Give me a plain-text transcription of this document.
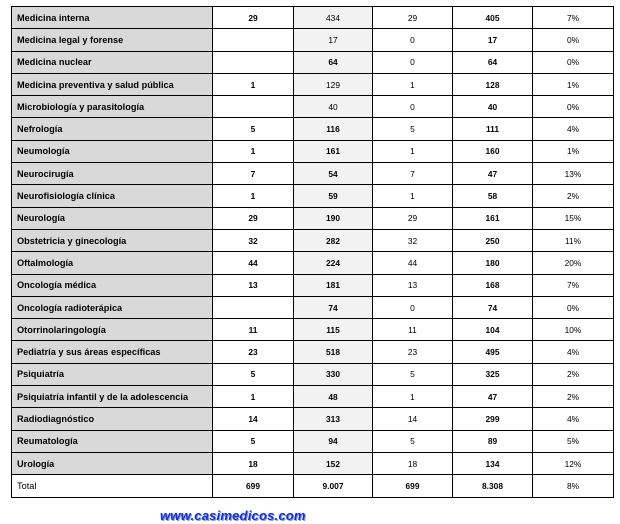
Medicina interna	29	434	29	405	7%
Medicina legal y forense		17	0	17	0%
Medicina nuclear		64	0	64	0%
Medicina preventiva y salud pública	1	129	1	128	1%
Microbiología y parasitología		40	0	40	0%
Nefrología	5	116	5	111	4%
Neumología	1	161	1	160	1%
Neurocirugía	7	54	7	47	13%
Neurofisiología clínica	1	59	1	58	2%
Neurología	29	190	29	161	15%
Obstetricia y ginecología	32	282	32	250	11%
Oftalmología	44	224	44	180	20%
Oncología médica	13	181	13	168	7%
Oncología radioterápica		74	0	74	0%
Otorrinolaringología	11	115	11	104	10%
Pediatría y sus áreas específicas	23	518	23	495	4%
Psiquiatría	5	330	5	325	2%
Psiquiatría infantil y de la adolescencia	1	48	1	47	2%
Radiodiagnóstico	14	313	14	299	4%
Reumatología	5	94	5	89	5%
Urología	18	152	18	134	12%
Total	699	9.007	699	8.308	8%
www.casimedicos.com
